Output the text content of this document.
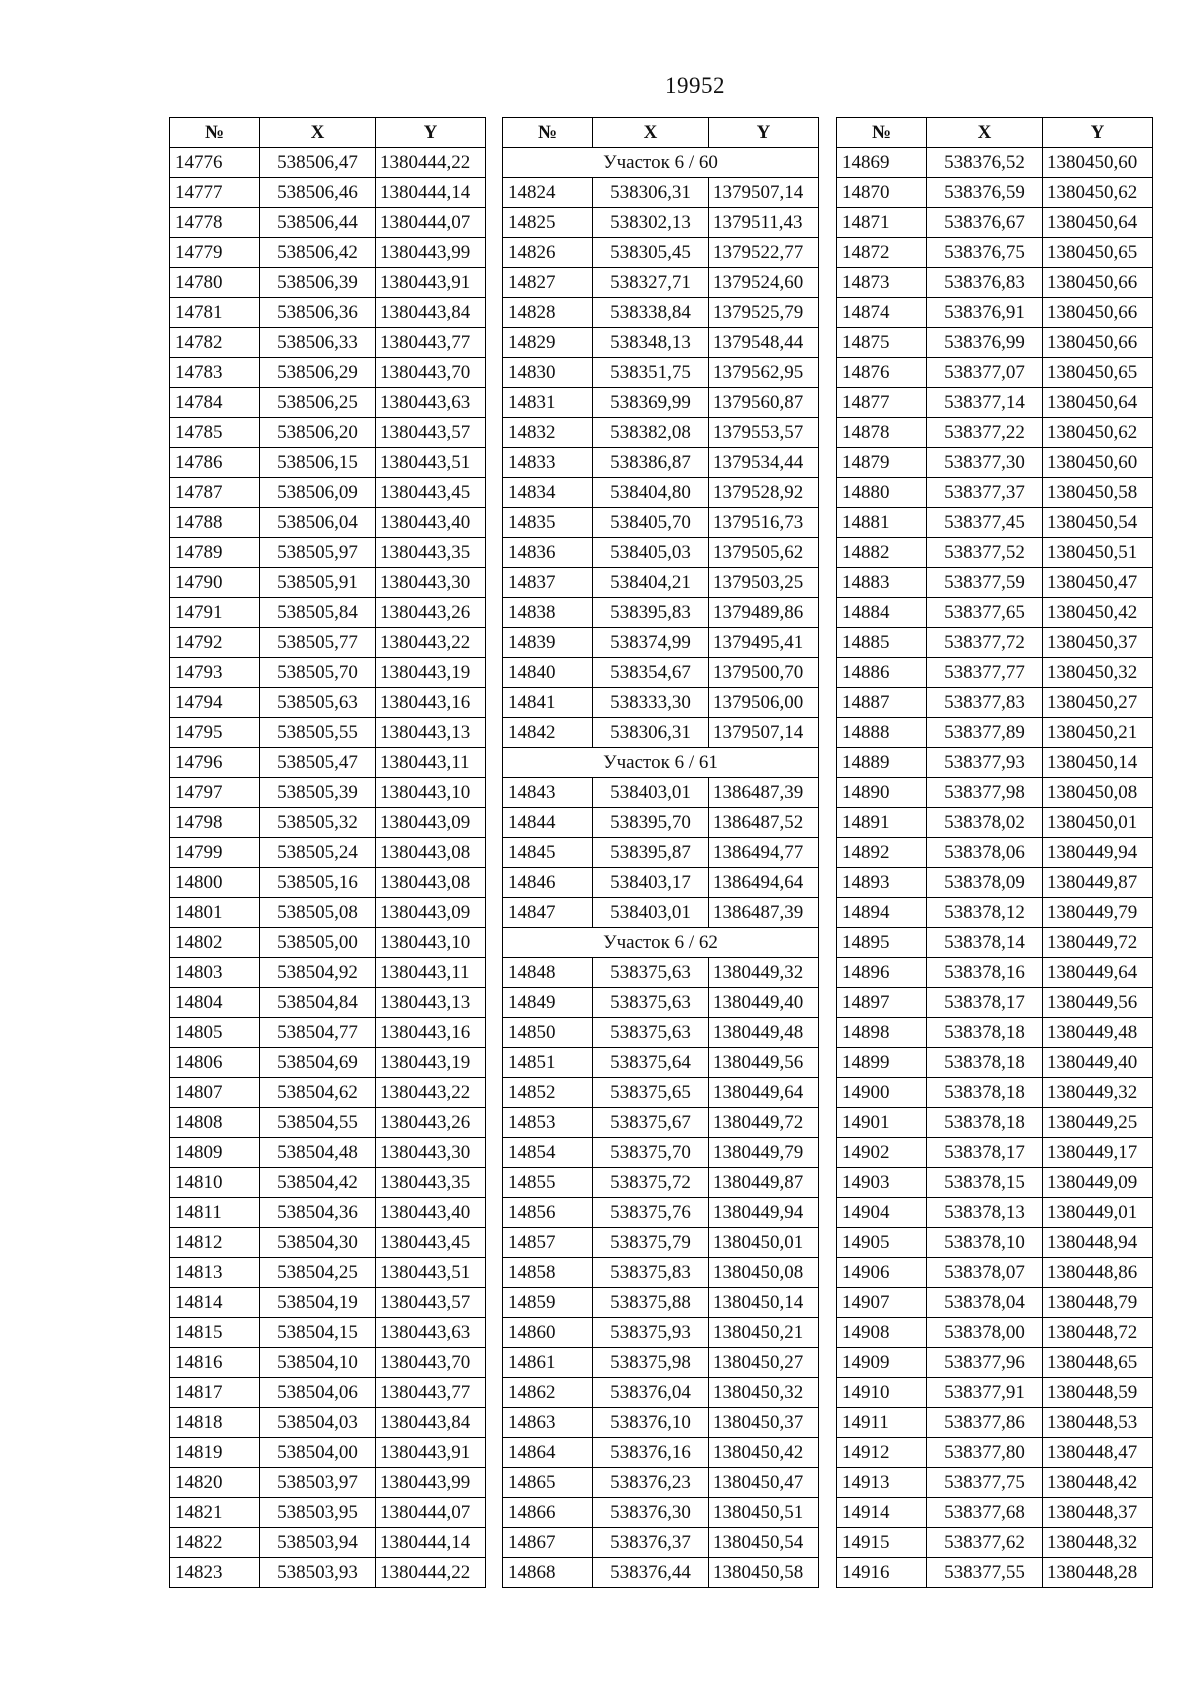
19952
№	X	Y
14776	538506,47	1380444,22
14777	538506,46	1380444,14
14778	538506,44	1380444,07
14779	538506,42	1380443,99
14780	538506,39	1380443,91
14781	538506,36	1380443,84
14782	538506,33	1380443,77
14783	538506,29	1380443,70
14784	538506,25	1380443,63
14785	538506,20	1380443,57
14786	538506,15	1380443,51
14787	538506,09	1380443,45
14788	538506,04	1380443,40
14789	538505,97	1380443,35
14790	538505,91	1380443,30
14791	538505,84	1380443,26
14792	538505,77	1380443,22
14793	538505,70	1380443,19
14794	538505,63	1380443,16
14795	538505,55	1380443,13
14796	538505,47	1380443,11
14797	538505,39	1380443,10
14798	538505,32	1380443,09
14799	538505,24	1380443,08
14800	538505,16	1380443,08
14801	538505,08	1380443,09
14802	538505,00	1380443,10
14803	538504,92	1380443,11
14804	538504,84	1380443,13
14805	538504,77	1380443,16
14806	538504,69	1380443,19
14807	538504,62	1380443,22
14808	538504,55	1380443,26
14809	538504,48	1380443,30
14810	538504,42	1380443,35
14811	538504,36	1380443,40
14812	538504,30	1380443,45
14813	538504,25	1380443,51
14814	538504,19	1380443,57
14815	538504,15	1380443,63
14816	538504,10	1380443,70
14817	538504,06	1380443,77
14818	538504,03	1380443,84
14819	538504,00	1380443,91
14820	538503,97	1380443,99
14821	538503,95	1380444,07
14822	538503,94	1380444,14
14823	538503,93	1380444,22
№	X	Y
Участок 6 / 60		
14824	538306,31	1379507,14
14825	538302,13	1379511,43
14826	538305,45	1379522,77
14827	538327,71	1379524,60
14828	538338,84	1379525,79
14829	538348,13	1379548,44
14830	538351,75	1379562,95
14831	538369,99	1379560,87
14832	538382,08	1379553,57
14833	538386,87	1379534,44
14834	538404,80	1379528,92
14835	538405,70	1379516,73
14836	538405,03	1379505,62
14837	538404,21	1379503,25
14838	538395,83	1379489,86
14839	538374,99	1379495,41
14840	538354,67	1379500,70
14841	538333,30	1379506,00
14842	538306,31	1379507,14
Участок 6 / 61		
14843	538403,01	1386487,39
14844	538395,70	1386487,52
14845	538395,87	1386494,77
14846	538403,17	1386494,64
14847	538403,01	1386487,39
Участок 6 / 62		
14848	538375,63	1380449,32
14849	538375,63	1380449,40
14850	538375,63	1380449,48
14851	538375,64	1380449,56
14852	538375,65	1380449,64
14853	538375,67	1380449,72
14854	538375,70	1380449,79
14855	538375,72	1380449,87
14856	538375,76	1380449,94
14857	538375,79	1380450,01
14858	538375,83	1380450,08
14859	538375,88	1380450,14
14860	538375,93	1380450,21
14861	538375,98	1380450,27
14862	538376,04	1380450,32
14863	538376,10	1380450,37
14864	538376,16	1380450,42
14865	538376,23	1380450,47
14866	538376,30	1380450,51
14867	538376,37	1380450,54
14868	538376,44	1380450,58
№	X	Y
14869	538376,52	1380450,60
14870	538376,59	1380450,62
14871	538376,67	1380450,64
14872	538376,75	1380450,65
14873	538376,83	1380450,66
14874	538376,91	1380450,66
14875	538376,99	1380450,66
14876	538377,07	1380450,65
14877	538377,14	1380450,64
14878	538377,22	1380450,62
14879	538377,30	1380450,60
14880	538377,37	1380450,58
14881	538377,45	1380450,54
14882	538377,52	1380450,51
14883	538377,59	1380450,47
14884	538377,65	1380450,42
14885	538377,72	1380450,37
14886	538377,77	1380450,32
14887	538377,83	1380450,27
14888	538377,89	1380450,21
14889	538377,93	1380450,14
14890	538377,98	1380450,08
14891	538378,02	1380450,01
14892	538378,06	1380449,94
14893	538378,09	1380449,87
14894	538378,12	1380449,79
14895	538378,14	1380449,72
14896	538378,16	1380449,64
14897	538378,17	1380449,56
14898	538378,18	1380449,48
14899	538378,18	1380449,40
14900	538378,18	1380449,32
14901	538378,18	1380449,25
14902	538378,17	1380449,17
14903	538378,15	1380449,09
14904	538378,13	1380449,01
14905	538378,10	1380448,94
14906	538378,07	1380448,86
14907	538378,04	1380448,79
14908	538378,00	1380448,72
14909	538377,96	1380448,65
14910	538377,91	1380448,59
14911	538377,86	1380448,53
14912	538377,80	1380448,47
14913	538377,75	1380448,42
14914	538377,68	1380448,37
14915	538377,62	1380448,32
14916	538377,55	1380448,28
